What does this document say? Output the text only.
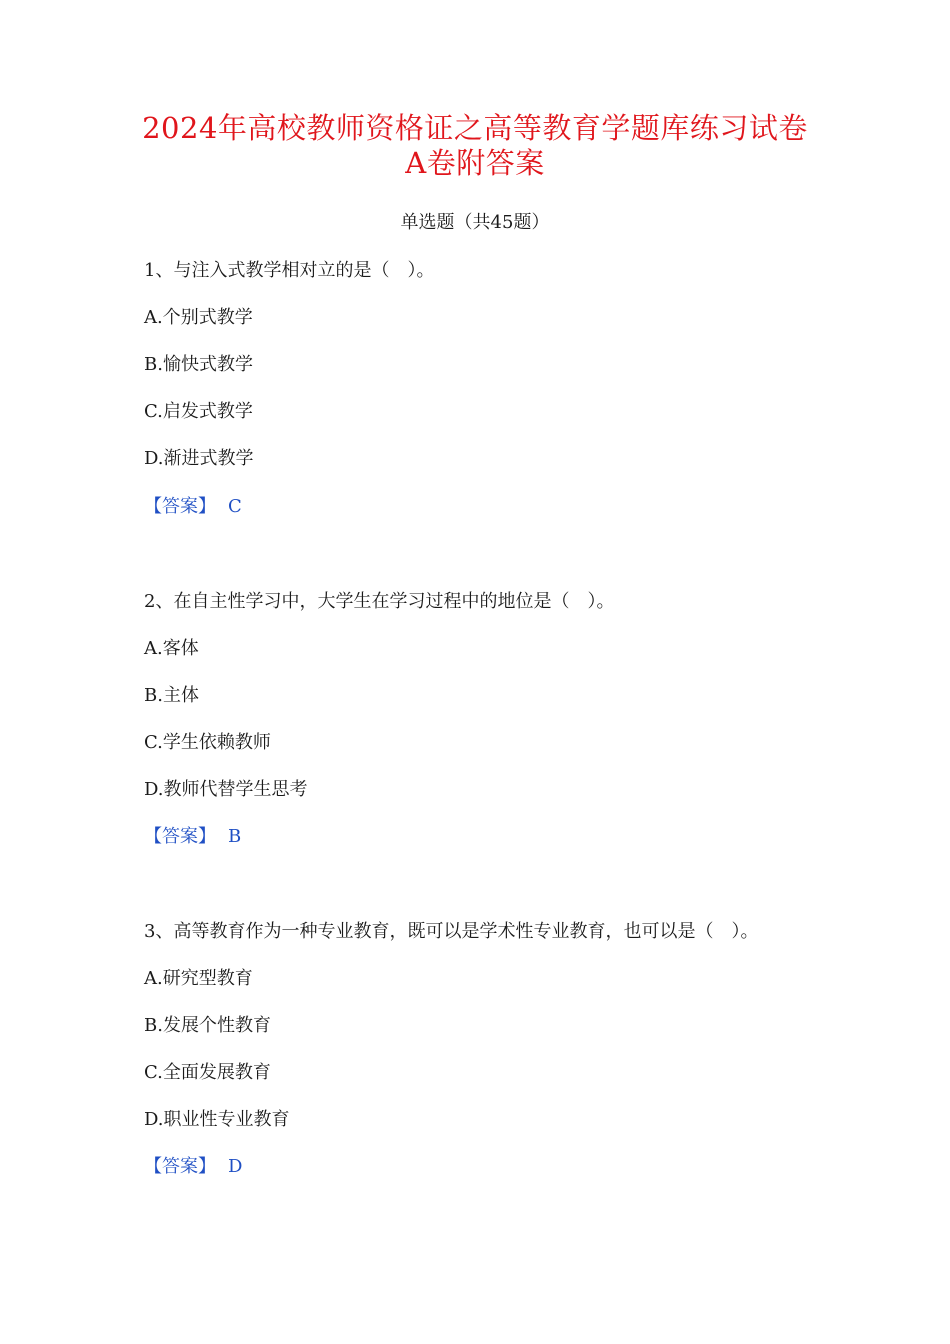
2024年高校教师资格证之高等教育学题库练习试卷
A卷附答案
单选题（共45题）
1、与注入式教学相对立的是（　）。
A.个别式教学
B.愉快式教学
C.启发式教学
D.渐进式教学
【答案】 C
2、在自主性学习中，大学生在学习过程中的地位是（　）。
A.客体
B.主体
C.学生依赖教师
D.教师代替学生思考
【答案】 B
3、高等教育作为一种专业教育，既可以是学术性专业教育，也可以是（　）。
A.研究型教育
B.发展个性教育
C.全面发展教育
D.职业性专业教育
【答案】 D
